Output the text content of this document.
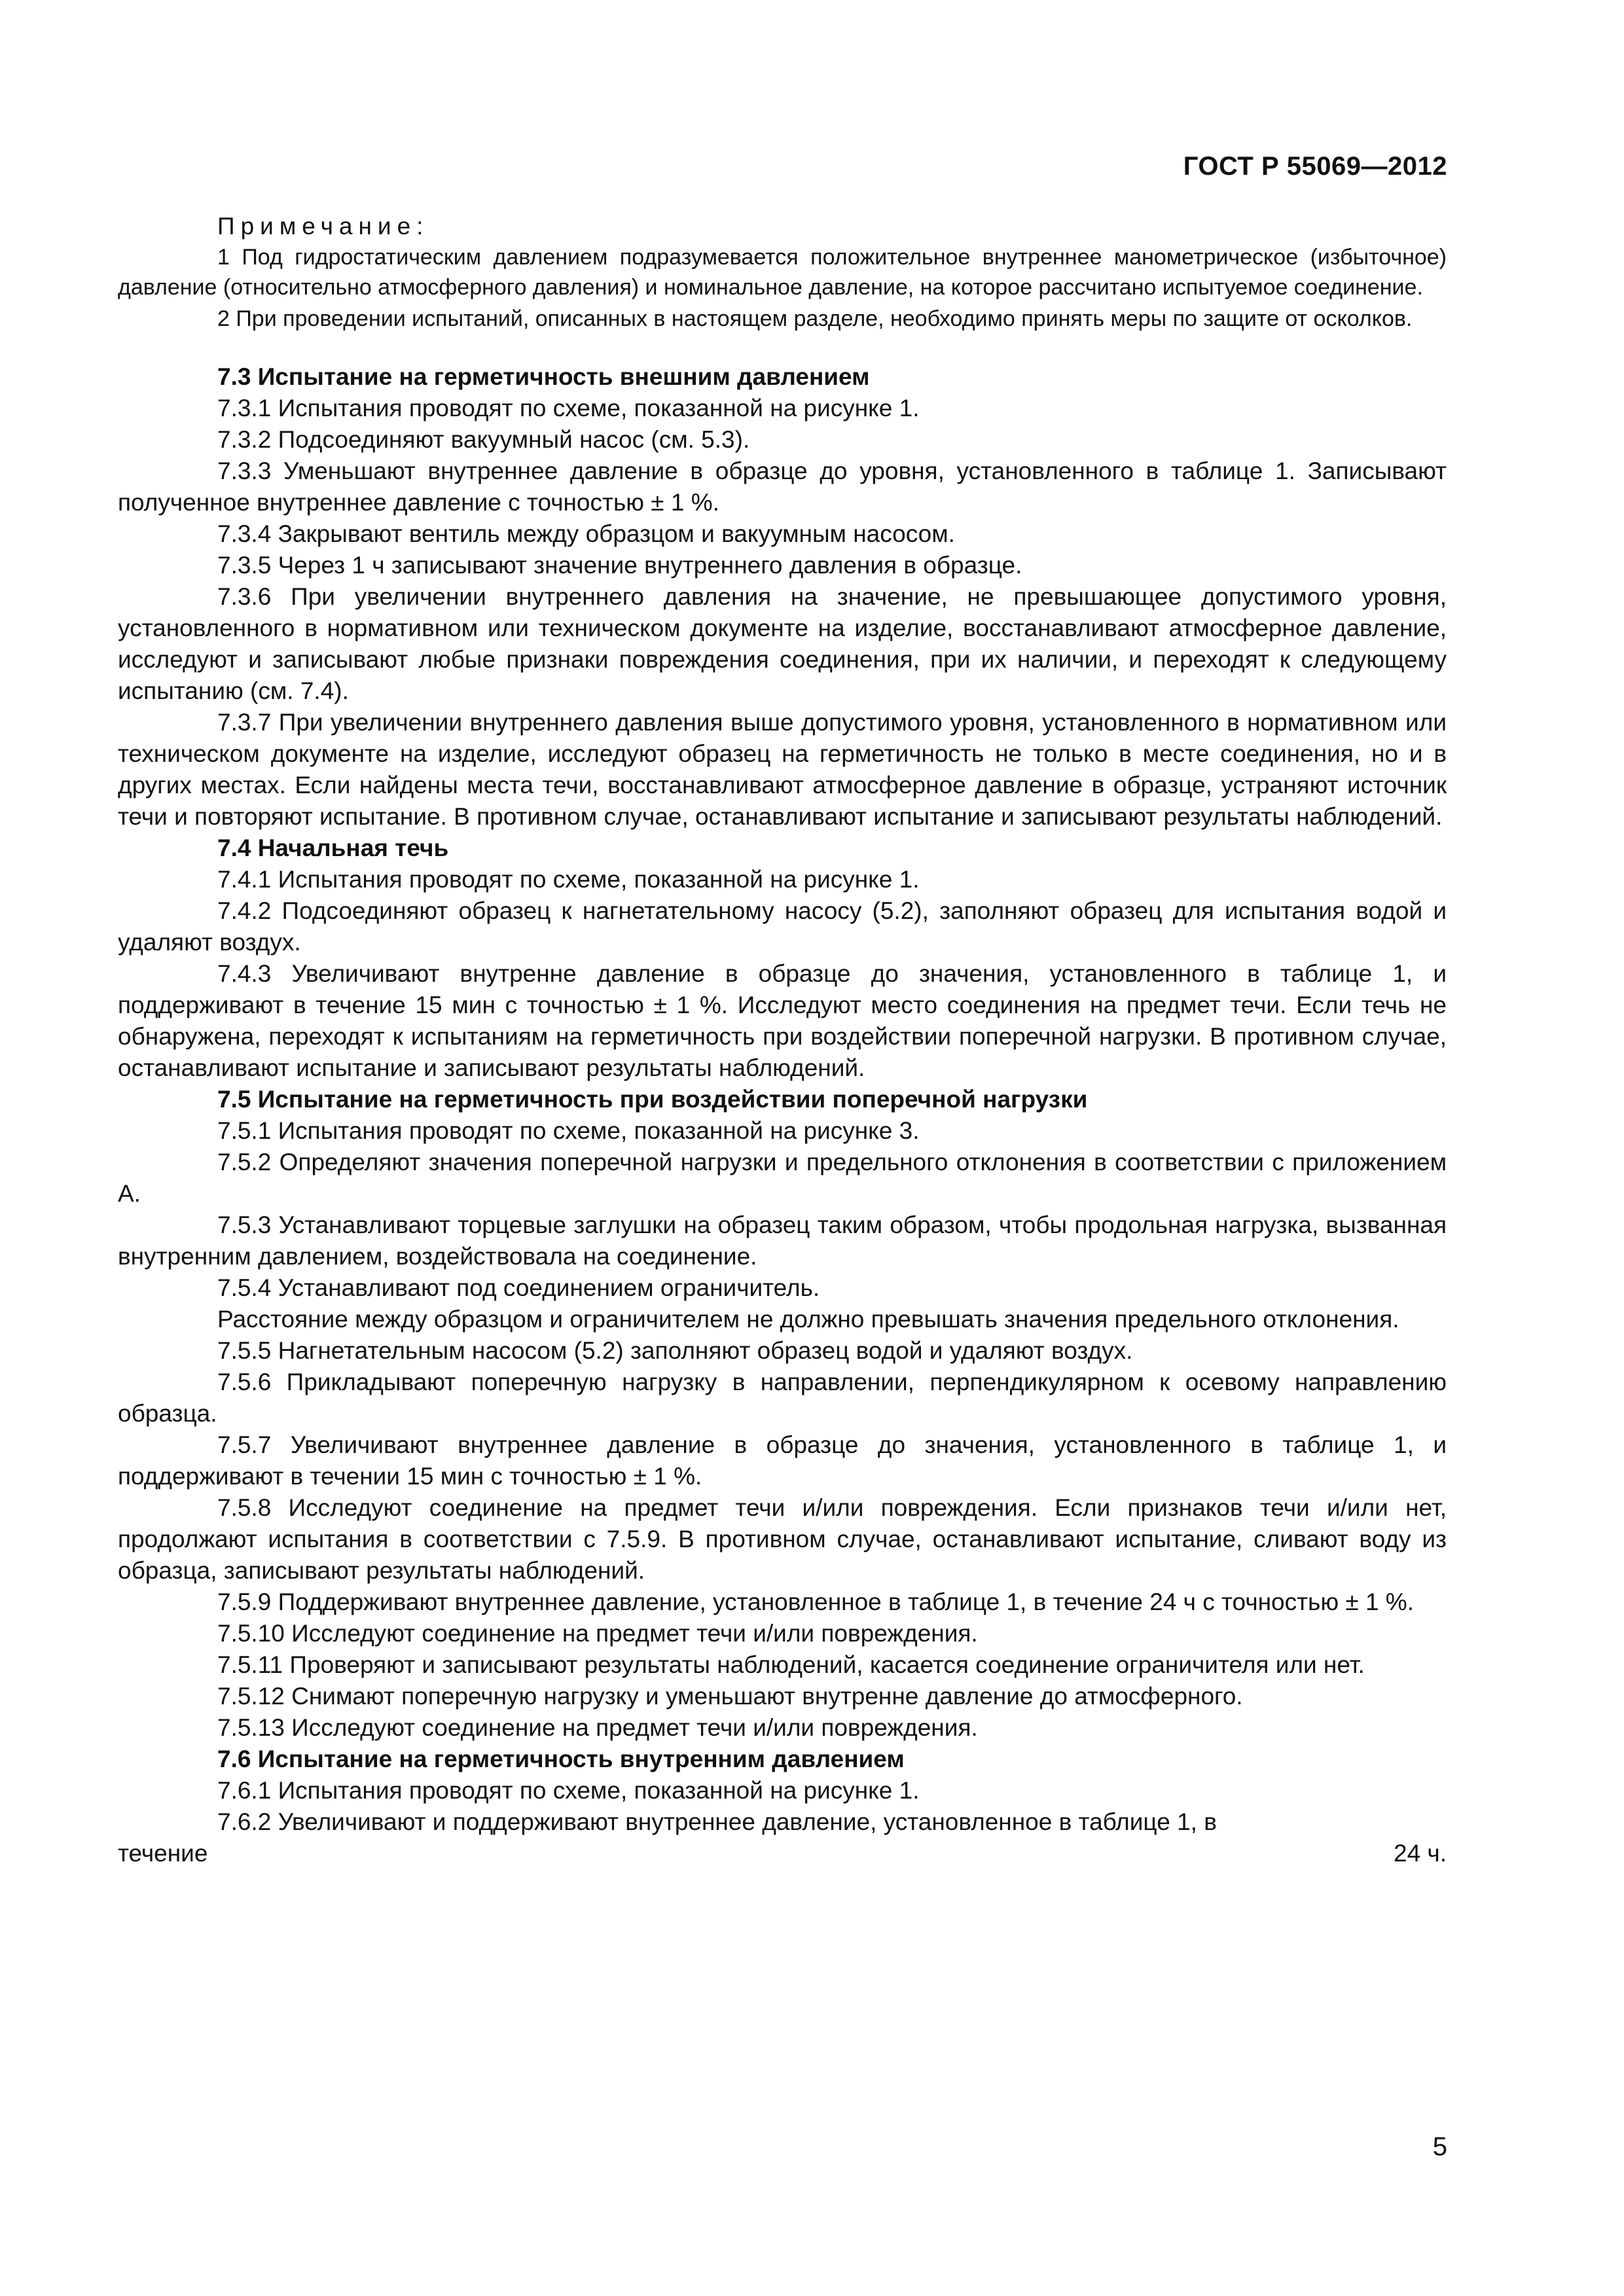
ГОСТ Р 55069—2012
Примечание:

1 Под гидростатическим давлением подразумевается положительное внутреннее манометрическое (избыточное) давление (относительно атмосферного давления) и номинальное давление, на которое рассчитано испытуемое соединение.

2 При проведении испытаний, описанных в настоящем разделе, необходимо принять меры по защите от осколков.

7.3 Испытание на герметичность внешним давлением

7.3.1 Испытания проводят по схеме, показанной на рисунке 1.

7.3.2 Подсоединяют вакуумный насос (см. 5.3).

7.3.3 Уменьшают внутреннее давление в образце до уровня, установленного в таблице 1. Записывают полученное внутреннее давление с точностью ± 1 %.

7.3.4 Закрывают вентиль между образцом и вакуумным насосом.

7.3.5 Через 1 ч записывают значение внутреннего давления в образце.

7.3.6 При увеличении внутреннего давления на значение, не превышающее допустимого уровня, установленного в нормативном или техническом документе на изделие, восстанавливают атмосферное давление, исследуют и записывают любые признаки повреждения соединения, при их наличии, и переходят к следующему испытанию (см. 7.4).

7.3.7 При увеличении внутреннего давления выше допустимого уровня, установленного в нормативном или техническом документе на изделие, исследуют образец на герметичность не только в месте соединения, но и в других местах. Если найдены места течи, восстанавливают атмосферное давление в образце, устраняют источник течи и повторяют испытание. В противном случае, останавливают испытание и записывают результаты наблюдений.

7.4 Начальная течь

7.4.1 Испытания проводят по схеме, показанной на рисунке 1.

7.4.2 Подсоединяют образец к нагнетательному насосу (5.2), заполняют образец для испытания водой и удаляют воздух.

7.4.3 Увеличивают внутренне давление в образце до значения, установленного в таблице 1, и поддерживают в течение 15 мин с точностью ± 1 %. Исследуют место соединения на предмет течи. Если течь не обнаружена, переходят к испытаниям на герметичность при воздействии поперечной нагрузки. В противном случае, останавливают испытание и записывают результаты наблюдений.

7.5 Испытание на герметичность при воздействии поперечной нагрузки

7.5.1 Испытания проводят по схеме, показанной на рисунке 3.

7.5.2 Определяют значения поперечной нагрузки и предельного отклонения в соответствии с приложением А.

7.5.3 Устанавливают торцевые заглушки на образец таким образом, чтобы продольная нагрузка, вызванная внутренним давлением, воздействовала на соединение.

7.5.4 Устанавливают под соединением ограничитель.

Расстояние между образцом и ограничителем не должно превышать значения предельного отклонения.

7.5.5 Нагнетательным насосом (5.2) заполняют образец водой и удаляют воздух.

7.5.6 Прикладывают поперечную нагрузку в направлении, перпендикулярном к осевому направлению образца.

7.5.7 Увеличивают внутреннее давление в образце до значения, установленного в таблице 1, и поддерживают в течении 15 мин с точностью ± 1 %.

7.5.8 Исследуют соединение на предмет течи и/или повреждения. Если признаков течи и/или нет, продолжают испытания в соответствии с 7.5.9. В противном случае, останавливают испытание, сливают воду из образца, записывают результаты наблюдений.

7.5.9 Поддерживают внутреннее давление, установленное в таблице 1, в течение 24 ч с точностью ± 1 %.

7.5.10 Исследуют соединение на предмет течи и/или повреждения.

7.5.11 Проверяют и записывают результаты наблюдений, касается соединение ограничителя или нет.

7.5.12 Снимают поперечную нагрузку и уменьшают внутренне давление до атмосферного.

7.5.13 Исследуют соединение на предмет течи и/или повреждения.

7.6 Испытание на герметичность внутренним давлением

7.6.1 Испытания проводят по схеме, показанной на рисунке 1.

7.6.2 Увеличивают и поддерживают внутреннее давление, установленное в таблице 1, в

течение	24 ч.
5
